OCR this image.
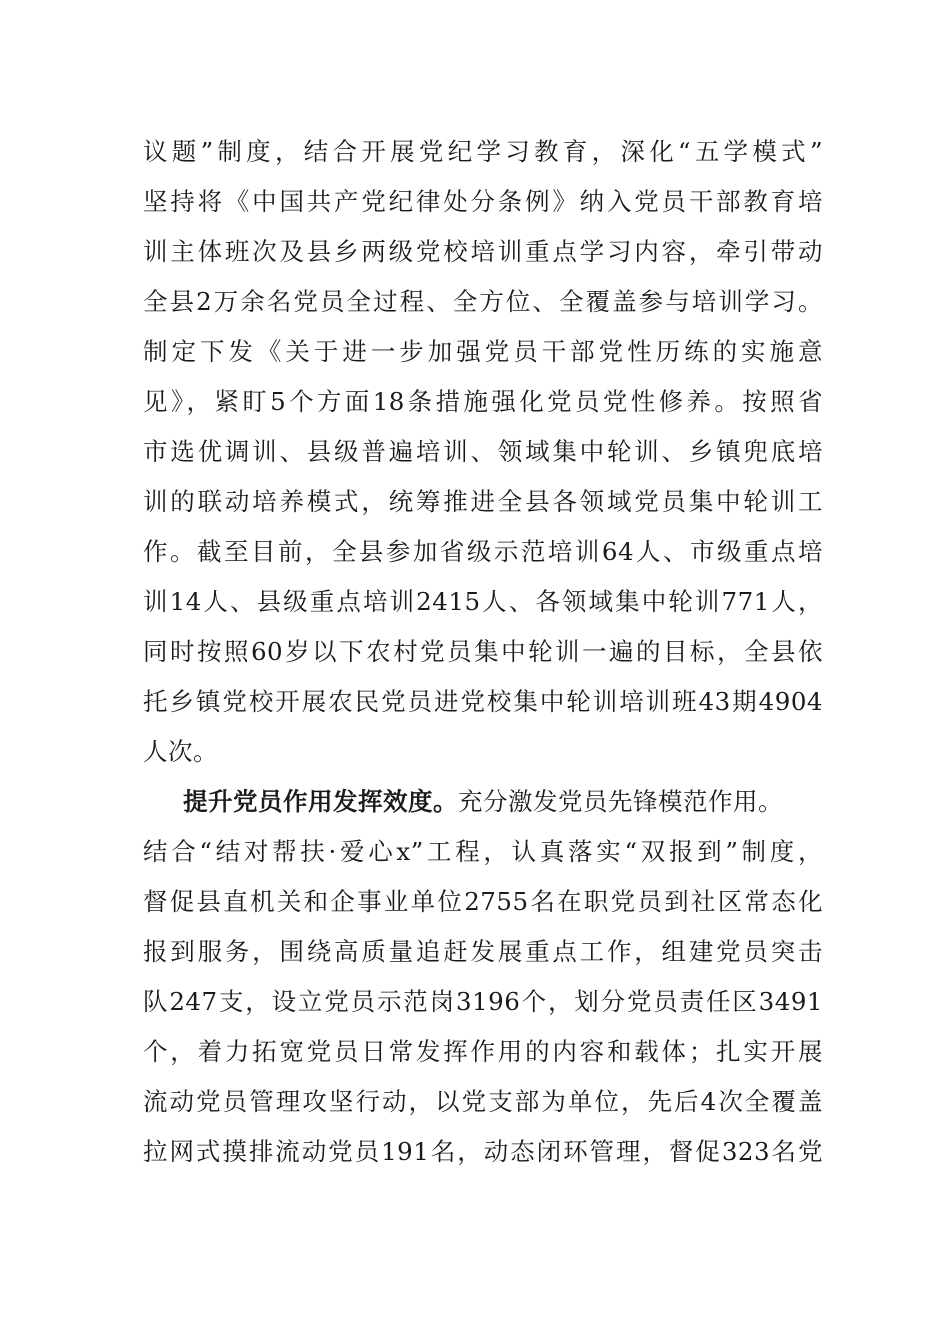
议题”制度，结合开展党纪学习教育，深化“五学模式”
坚持将《中国共产党纪律处分条例》纳入党员干部教育培
训主体班次及县乡两级党校培训重点学习内容，牵引带动
全县2万余名党员全过程、全方位、全覆盖参与培训学习。
制定下发《关于进一步加强党员干部党性历练的实施意
见》，紧盯5个方面18条措施强化党员党性修养。按照省
市选优调训、县级普遍培训、领域集中轮训、乡镇兜底培
训的联动培养模式，统筹推进全县各领域党员集中轮训工
作。截至目前，全县参加省级示范培训64人、市级重点培
训14人、县级重点培训2415人、各领域集中轮训771人，
同时按照60岁以下农村党员集中轮训一遍的目标，全县依
托乡镇党校开展农民党员进党校集中轮训培训班43期4904
人次。
提升党员作用发挥效度。充分激发党员先锋模范作用。
结合“结对帮扶·爱心x”工程，认真落实“双报到”制度，
督促县直机关和企事业单位2755名在职党员到社区常态化
报到服务，围绕高质量追赶发展重点工作，组建党员突击
队247支，设立党员示范岗3196个，划分党员责任区3491
个，着力拓宽党员日常发挥作用的内容和载体；扎实开展
流动党员管理攻坚行动，以党支部为单位，先后4次全覆盖
拉网式摸排流动党员191名，动态闭环管理，督促323名党
